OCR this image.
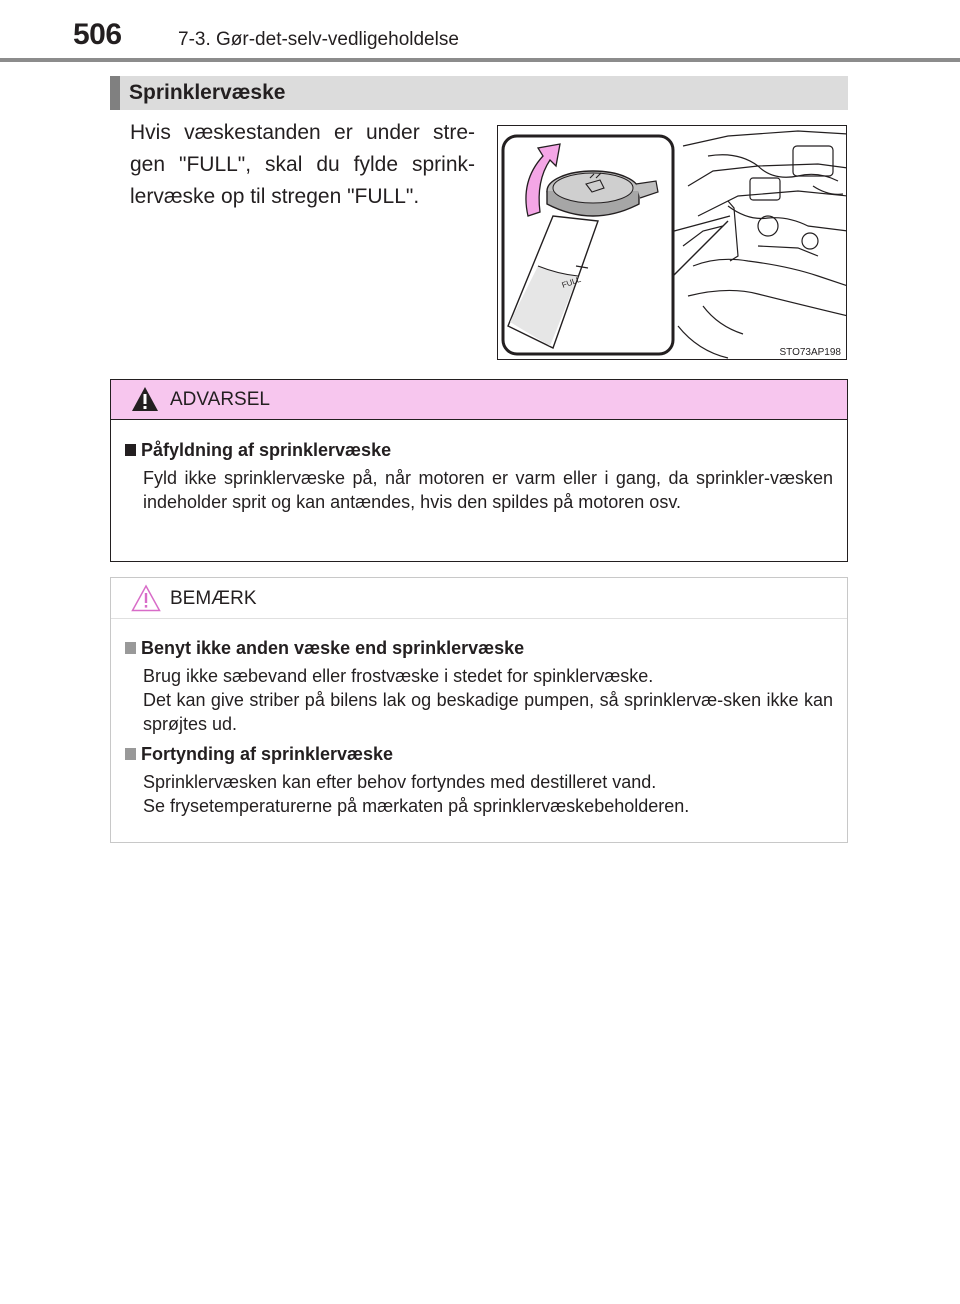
506	7-3. Gør-det-selv-vedligeholdelse
Sprinklervæske
Hvis væskestanden er under stre-gen "FULL", skal du fylde sprink-lervæske op til stregen "FULL".
FULL
STO73AP198
ADVARSEL
Påfyldning af sprinklervæske

Fyld ikke sprinklervæske på, når motoren er varm eller i gang, da sprinkler-væsken indeholder sprit og kan antændes, hvis den spildes på motoren osv.

BEMÆRK
Benyt ikke anden væske end sprinklervæske

Brug ikke sæbevand eller frostvæske i stedet for spinklervæske.

Det kan give striber på bilens lak og beskadige pumpen, så sprinklervæ-sken ikke kan sprøjtes ud.

Fortynding af sprinklervæske

Sprinklervæsken kan efter behov fortyndes med destilleret vand.

Se frysetemperaturerne på mærkaten på sprinklervæskebeholderen.
